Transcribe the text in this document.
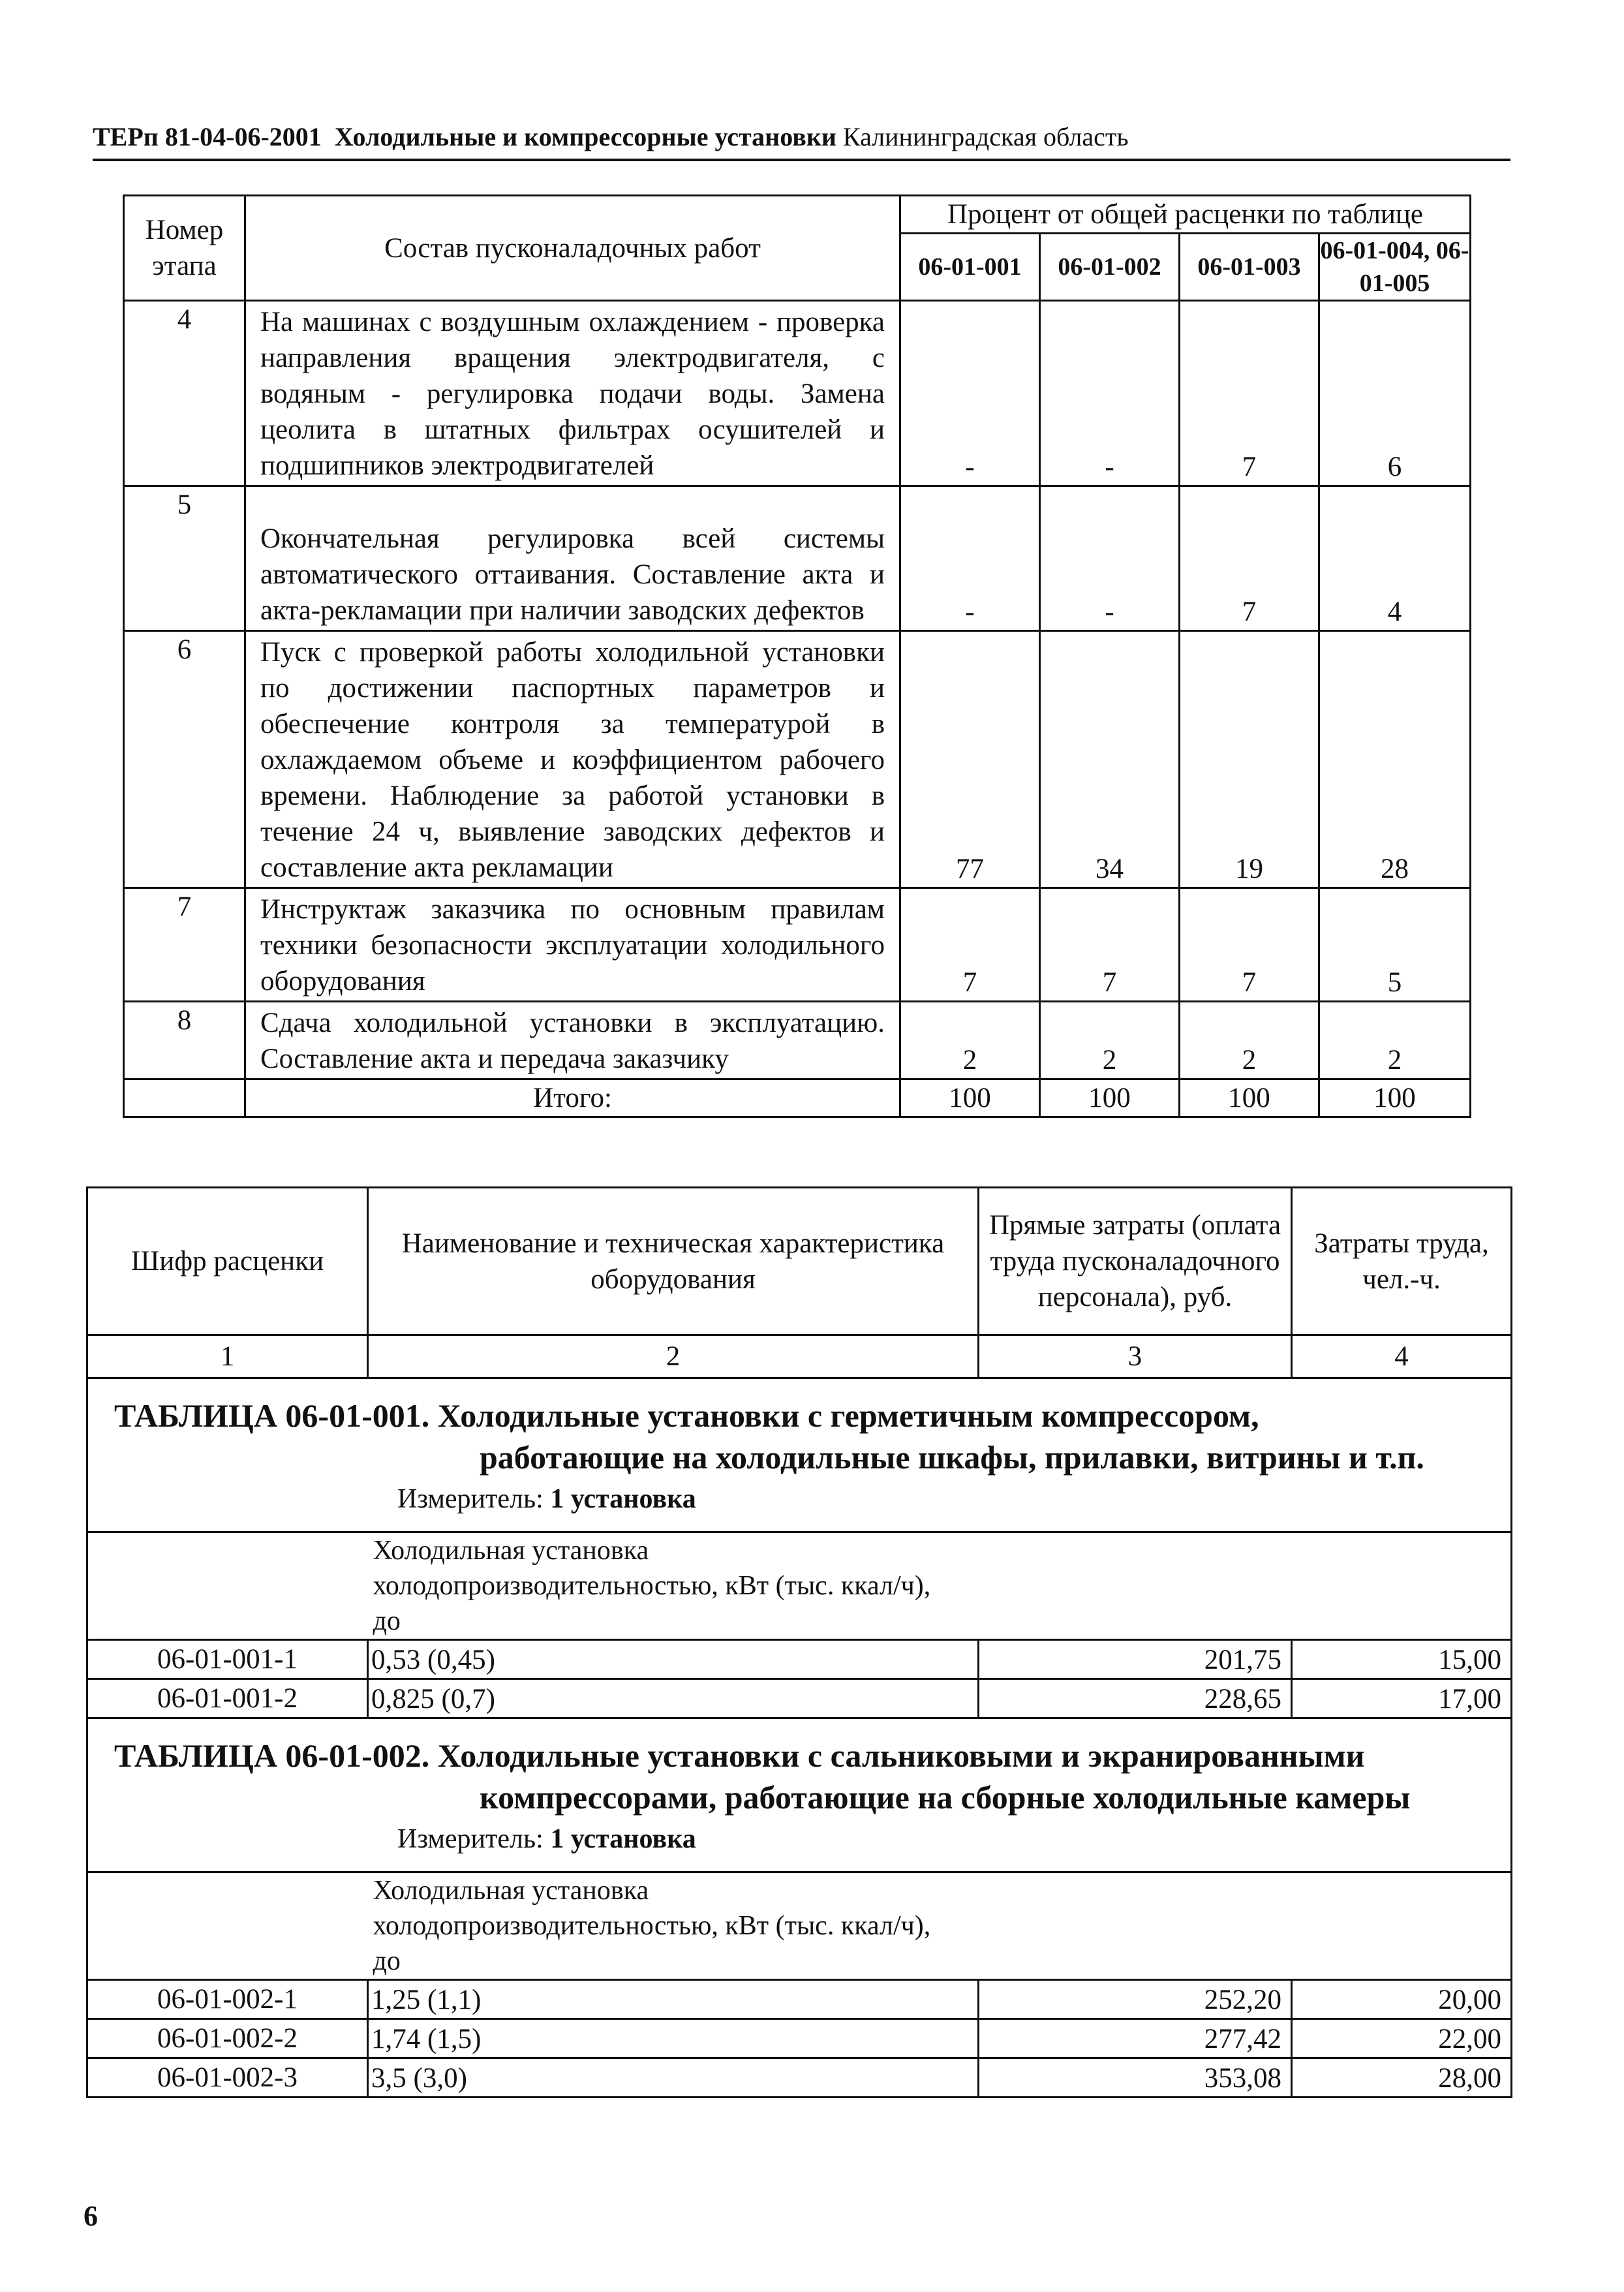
ТЕРп 81-04-06-2001 Холодильные и компрессорные установки Калининградская область
Номер этапа	Состав пусконаладочных работ	Процент от общей расценки по таблице			
		06-01-001	06-01-002	06-01-003	06-01-004, 06-01-005
4	На машинах с воздушным охлаждением - проверка направления вращения электродвигателя, с водяным - регулировка подачи воды. Замена цеолита в штатных фильтрах осушителей и подшипников электродвигателей	-	-	7	6
5	Окончательная регулировка всей системы автоматического оттаивания. Составление акта и акта-рекламации при наличии заводских дефектов	-	-	7	4
6	Пуск с проверкой работы холодильной установки по достижении паспортных параметров и обеспечение контроля за температурой в охлаждаемом объеме и коэффициентом рабочего времени. Наблюдение за работой установки в течение 24 ч, выявление заводских дефектов и составление акта рекламации	77	34	19	28
7	Инструктаж заказчика по основным правилам техники безопасности эксплуатации холодильного оборудования	7	7	7	5
8	Сдача холодильной установки в эксплуатацию. Составление акта и передача заказчику	2	2	2	2
	Итого:	100	100	100	100
Шифр расценки	Наименование и техническая характеристика оборудования	Прямые затраты (оплата труда пусконаладочного персонала), руб.	Затраты труда, чел.-ч.
1	2	3	4

ТАБЛИЦА 06-01-001. Холодильные установки с герметичным компрессором,
работающие на холодильные шкафы, прилавки, витрины и т.п.
Измеритель: 1 установка			

	Холодильная установка холодопроизводительностью, кВт (тыс. ккал/ч), до		

06-01-001-1	0,53 (0,45)	201,75	15,00
06-01-001-2	0,825 (0,7)	228,65	17,00

ТАБЛИЦА 06-01-002. Холодильные установки с сальниковыми и экранированными
компрессорами, работающие на сборные холодильные камеры
Измеритель: 1 установка			

	Холодильная установка холодопроизводительностью, кВт (тыс. ккал/ч), до		

06-01-002-1	1,25 (1,1)	252,20	20,00
06-01-002-2	1,74 (1,5)	277,42	22,00
06-01-002-3	3,5 (3,0)	353,08	28,00
6
